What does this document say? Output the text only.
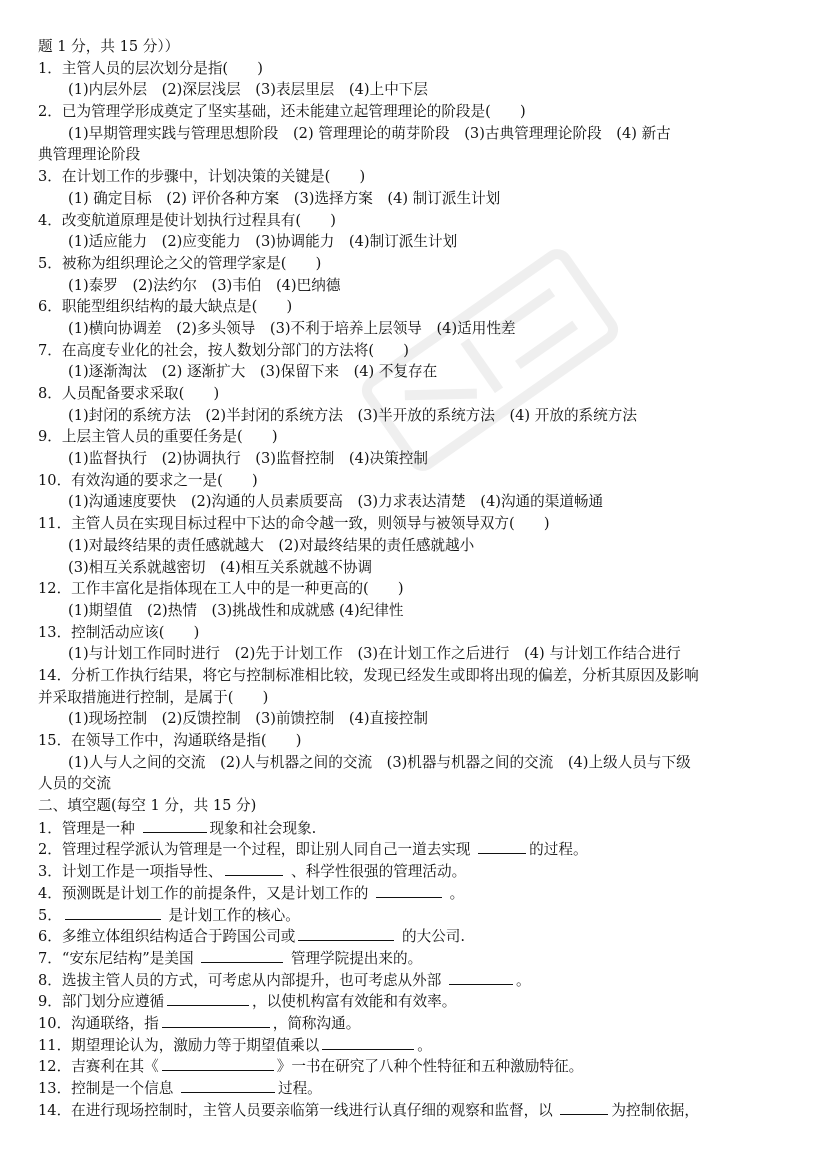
题 1 分，共 15 分））
1．主管人员的层次划分是指(　　)
(1)内层外层　(2)深层浅层　(3)表层里层　(4)上中下层
2．已为管理学形成奠定了坚实基础，还未能建立起管理理论的阶段是(　　)
(1)早期管理实践与管理思想阶段　(2) 管理理论的萌芽阶段　(3)古典管理理论阶段　(4) 新古
典管理理论阶段
3．在计划工作的步骤中，计划决策的关键是(　　)
(1) 确定目标　(2) 评价各种方案　(3)选择方案　(4) 制订派生计划
4．改变航道原理是使计划执行过程具有(　　)
(1)适应能力　(2)应变能力　(3)协调能力　(4)制订派生计划
5．被称为组织理论之父的管理学家是(　　)
(1)泰罗　(2)法约尔　(3)韦伯　(4)巴纳德
6．职能型组织结构的最大缺点是(　　)
(1)横向协调差　(2)多头领导　(3)不利于培养上层领导　(4)适用性差
7．在高度专业化的社会，按人数划分部门的方法将(　　)
(1)逐渐淘汰　(2) 逐渐扩大　(3)保留下来　(4) 不复存在
8．人员配备要求采取(　　)
(1)封闭的系统方法　(2)半封闭的系统方法　(3)半开放的系统方法　(4) 开放的系统方法
9．上层主管人员的重要任务是(　　)
(1)监督执行　(2)协调执行　(3)监督控制　(4)决策控制
10．有效沟通的要求之一是(　　)
(1)沟通速度要快　(2)沟通的人员素质要高　(3)力求表达清楚　(4)沟通的渠道畅通
11．主管人员在实现目标过程中下达的命令越一致，则领导与被领导双方(　　)
(1)对最终结果的责任感就越大　(2)对最终结果的责任感就越小
(3)相互关系就越密切　(4)相互关系就越不协调
12．工作丰富化是指体现在工人中的是一种更高的(　　)
(1)期望值　(2)热情　(3)挑战性和成就感 (4)纪律性
13．控制活动应该(　　)
(1)与计划工作同时进行　(2)先于计划工作　(3)在计划工作之后进行　(4) 与计划工作结合进行
14．分析工作执行结果，将它与控制标准相比较，发现已经发生或即将出现的偏差，分析其原因及影响
并采取措施进行控制，是属于(　　)
(1)现场控制　(2)反馈控制　(3)前馈控制　(4)直接控制
15．在领导工作中，沟通联络是指(　　)
(1)人与人之间的交流　(2)人与机器之间的交流　(3)机器与机器之间的交流　(4)上级人员与下级
人员的交流
二、填空题(每空 1 分，共 15 分)
1．管理是一种	现象和社会现象.
2．管理过程学派认为管理是一个过程，即让别人同自己一道去实现	的过程。
3．计划工作是一项指导性、	、科学性很强的管理活动。
4．预测既是计划工作的前提条件，又是计划工作的	。
5．	是计划工作的核心。
6．多维立体组织结构适合于跨国公司或	的大公司.
7．“安东尼结构”是美国	管理学院提出来的。
8．选拔主管人员的方式，可考虑从内部提升，也可考虑从外部	。
9．部门划分应遵循	，以使机构富有效能和有效率。
10．沟通联络，指	，简称沟通。
11．期望理论认为，激励力等于期望值乘以	。
12．吉赛利在其《	》一书在研究了八种个性特征和五种激励特征。
13．控制是一个信息	过程。
14．在进行现场控制时，主管人员要亲临第一线进行认真仔细的观察和监督，以	为控制依据，
